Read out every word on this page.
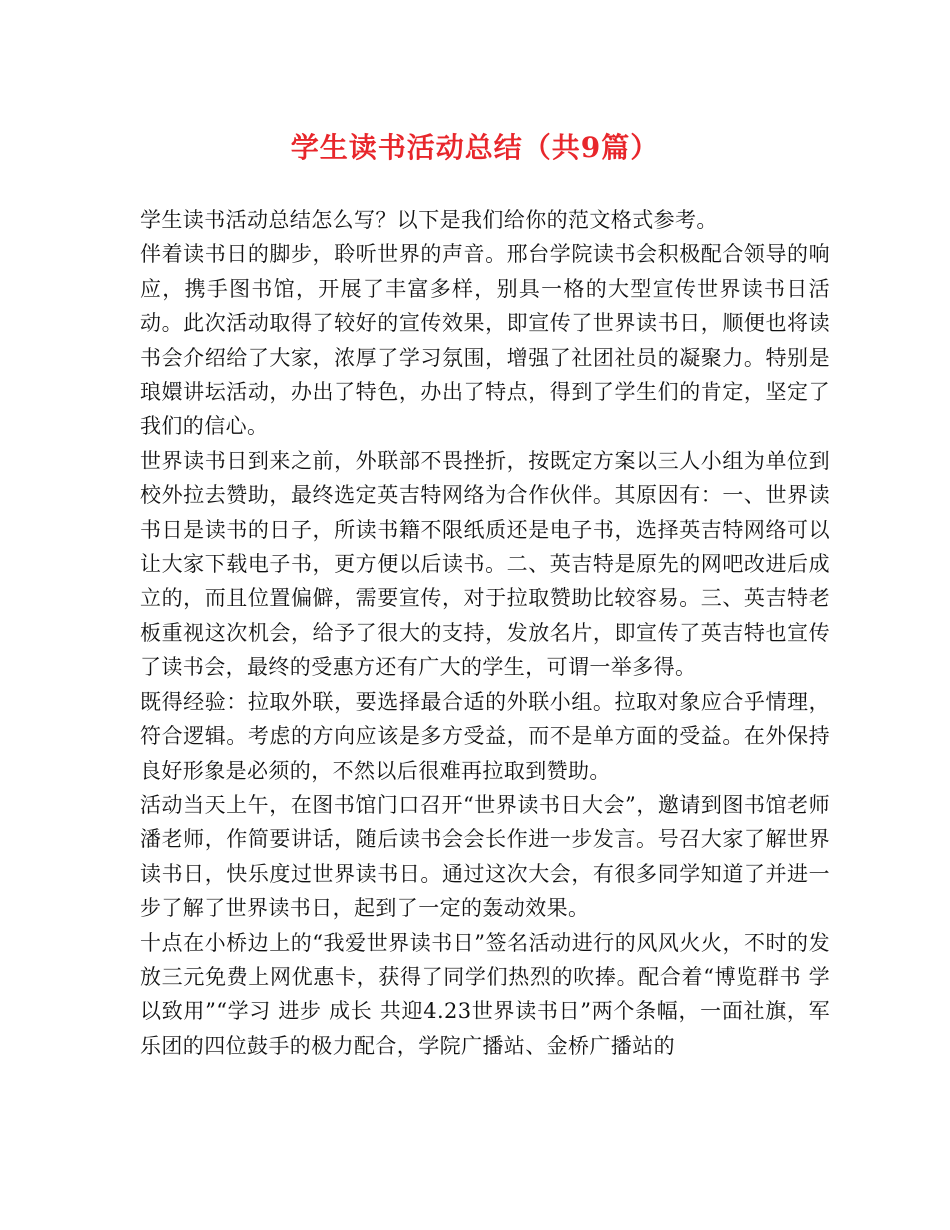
学生读书活动总结（共9篇）

学生读书活动总结怎么写？以下是我们给你的范文格式参考。

伴着读书日的脚步，聆听世界的声音。邢台学院读书会积极配合领导的响应，携手图书馆，开展了丰富多样，别具一格的大型宣传世界读书日活动。此次活动取得了较好的宣传效果，即宣传了世界读书日，顺便也将读书会介绍给了大家，浓厚了学习氛围，增强了社团社员的凝聚力。特别是琅嬛讲坛活动，办出了特色，办出了特点，得到了学生们的肯定，坚定了我们的信心。

世界读书日到来之前，外联部不畏挫折，按既定方案以三人小组为单位到校外拉去赞助，最终选定英吉特网络为合作伙伴。其原因有：一、世界读书日是读书的日子，所读书籍不限纸质还是电子书，选择英吉特网络可以让大家下载电子书，更方便以后读书。二、英吉特是原先的网吧改进后成立的，而且位置偏僻，需要宣传，对于拉取赞助比较容易。三、英吉特老板重视这次机会，给予了很大的支持，发放名片，即宣传了英吉特也宣传了读书会，最终的受惠方还有广大的学生，可谓一举多得。

既得经验：拉取外联，要选择最合适的外联小组。拉取对象应合乎情理，符合逻辑。考虑的方向应该是多方受益，而不是单方面的受益。在外保持良好形象是必须的，不然以后很难再拉取到赞助。

活动当天上午，在图书馆门口召开“世界读书日大会”，邀请到图书馆老师潘老师，作简要讲话，随后读书会会长作进一步发言。号召大家了解世界读书日，快乐度过世界读书日。通过这次大会，有很多同学知道了并进一步了解了世界读书日，起到了一定的轰动效果。

十点在小桥边上的“我爱世界读书日”签名活动进行的风风火火，不时的发放三元免费上网优惠卡，获得了同学们热烈的吹捧。配合着“博览群书 学以致用”“学习 进步 成长 共迎4.23世界读书日”两个条幅，一面社旗，军乐团的四位鼓手的极力配合，学院广播站、金桥广播站的
